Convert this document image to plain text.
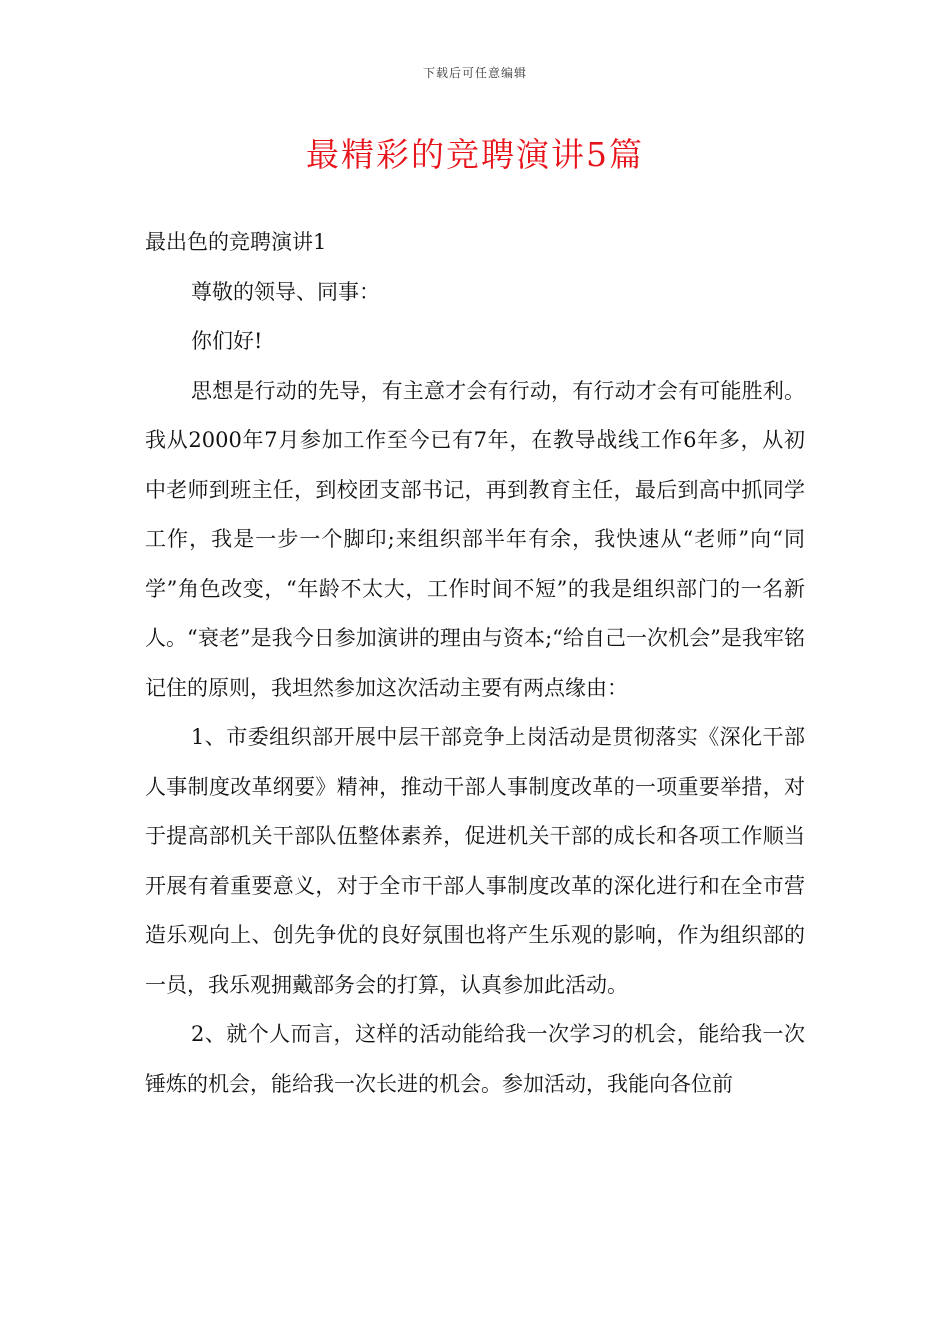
下载后可任意编辑
最精彩的竞聘演讲5篇

最出色的竞聘演讲1

尊敬的领导、同事：

你们好!

思想是行动的先导，有主意才会有行动，有行动才会有可能胜利。我从2000年7月参加工作至今已有7年，在教导战线工作6年多，从初中老师到班主任，到校团支部书记，再到教育主任，最后到高中抓同学工作，我是一步一个脚印;来组织部半年有余，我快速从“老师”向“同学”角色改变，“年龄不太大，工作时间不短”的我是组织部门的一名新人。“衰老”是我今日参加演讲的理由与资本;“给自己一次机会”是我牢铭记住的原则，我坦然参加这次活动主要有两点缘由：

1、市委组织部开展中层干部竞争上岗活动是贯彻落实《深化干部人事制度改革纲要》精神，推动干部人事制度改革的一项重要举措，对于提高部机关干部队伍整体素养，促进机关干部的成长和各项工作顺当开展有着重要意义，对于全市干部人事制度改革的深化进行和在全市营造乐观向上、创先争优的良好氛围也将产生乐观的影响，作为组织部的一员，我乐观拥戴部务会的打算，认真参加此活动。

2、就个人而言，这样的活动能给我一次学习的机会，能给我一次锤炼的机会，能给我一次长进的机会。参加活动，我能向各位前
